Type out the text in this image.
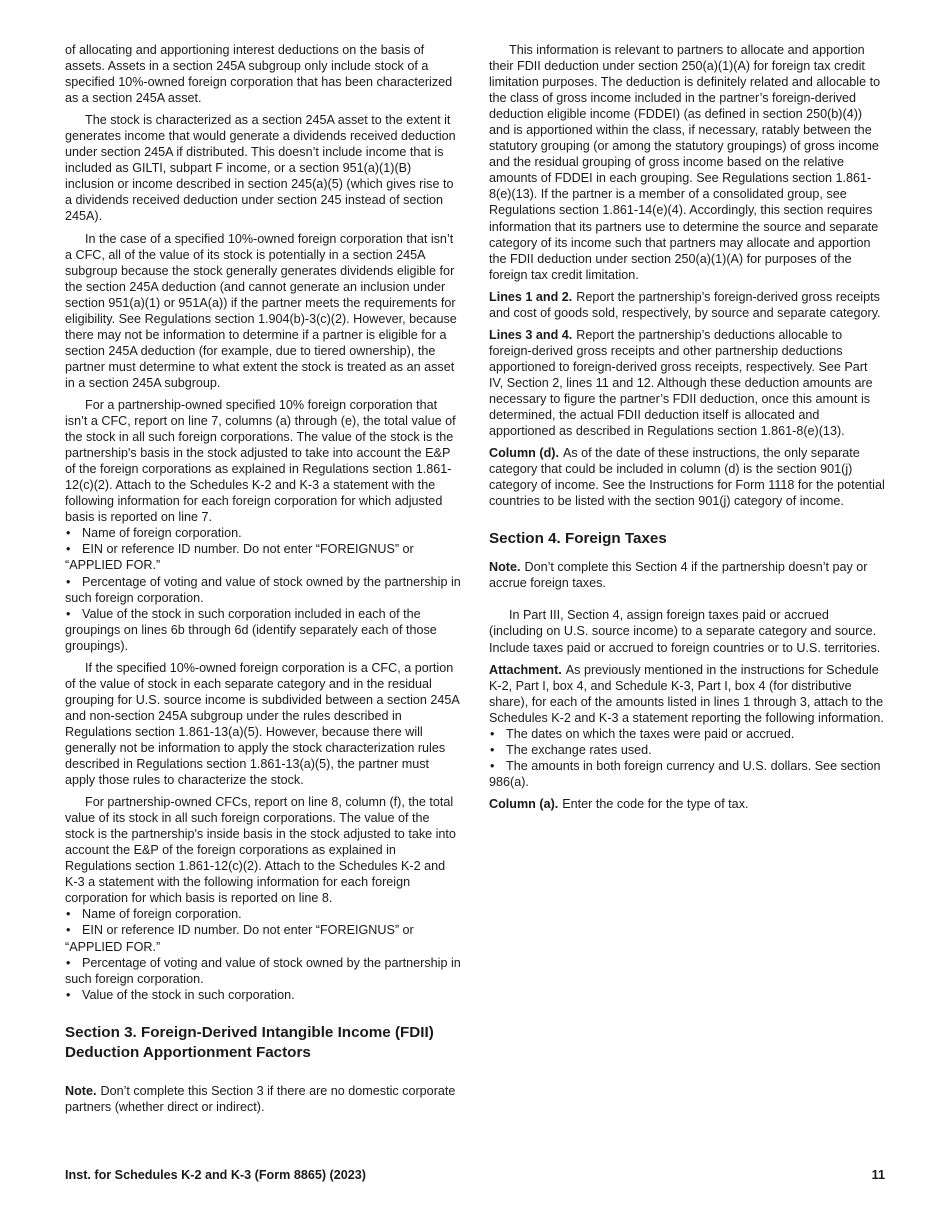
of allocating and apportioning interest deductions on the basis of assets. Assets in a section 245A subgroup only include stock of a specified 10%-owned foreign corporation that has been characterized as a section 245A asset.

The stock is characterized as a section 245A asset to the extent it generates income that would generate a dividends received deduction under section 245A if distributed. This doesn’t include income that is included as GILTI, subpart F income, or a section 951(a)(1)(B) inclusion or income described in section 245(a)(5) (which gives rise to a dividends received deduction under section 245 instead of section 245A).

In the case of a specified 10%-owned foreign corporation that isn’t a CFC, all of the value of its stock is potentially in a section 245A subgroup because the stock generally generates dividends eligible for the section 245A deduction (and cannot generate an inclusion under section 951(a)(1) or 951A(a)) if the partner meets the requirements for eligibility. See Regulations section 1.904(b)-3(c)(2). However, because there may not be information to determine if a partner is eligible for a section 245A deduction (for example, due to tiered ownership), the partner must determine to what extent the stock is treated as an asset in a section 245A subgroup.

For a partnership-owned specified 10% foreign corporation that isn’t a CFC, report on line 7, columns (a) through (e), the total value of the stock in all such foreign corporations. The value of the stock is the partnership's basis in the stock adjusted to take into account the E&P of the foreign corporations as explained in Regulations section 1.861-12(c)(2). Attach to the Schedules K-2 and K-3 a statement with the following information for each foreign corporation for which adjusted basis is reported on line 7.

• Name of foreign corporation.
• EIN or reference ID number. Do not enter “FOREIGNUS” or “APPLIED FOR.”
• Percentage of voting and value of stock owned by the partnership in such foreign corporation.
• Value of the stock in such corporation included in each of the groupings on lines 6b through 6d (identify separately each of those groupings).

If the specified 10%-owned foreign corporation is a CFC, a portion of the value of stock in each separate category and in the residual grouping for U.S. source income is subdivided between a section 245A and non-section 245A subgroup under the rules described in Regulations section 1.861-13(a)(5). However, because there will generally not be information to apply the stock characterization rules described in Regulations section 1.861-13(a)(5), the partner must apply those rules to characterize the stock.

For partnership-owned CFCs, report on line 8, column (f), the total value of its stock in all such foreign corporations. The value of the stock is the partnership's inside basis in the stock adjusted to take into account the E&P of the foreign corporations as explained in Regulations section 1.861-12(c)(2). Attach to the Schedules K-2 and K-3 a statement with the following information for each foreign corporation for which basis is reported on line 8.

• Name of foreign corporation.
• EIN or reference ID number. Do not enter “FOREIGNUS” or “APPLIED FOR.”
• Percentage of voting and value of stock owned by the partnership in such foreign corporation.
• Value of the stock in such corporation.
Section 3. Foreign-Derived Intangible Income (FDII) Deduction Apportionment Factors

Note. Don’t complete this Section 3 if there are no domestic corporate partners (whether direct or indirect).

This information is relevant to partners to allocate and apportion their FDII deduction under section 250(a)(1)(A) for foreign tax credit limitation purposes. The deduction is definitely related and allocable to the class of gross income included in the partner’s foreign-derived deduction eligible income (FDDEI) (as defined in section 250(b)(4)) and is apportioned within the class, if necessary, ratably between the statutory grouping (or among the statutory groupings) of gross income and the residual grouping of gross income based on the relative amounts of FDDEI in each grouping. See Regulations section 1.861-8(e)(13). If the partner is a member of a consolidated group, see Regulations section 1.861-14(e)(4). Accordingly, this section requires information that its partners use to determine the source and separate category of its income such that partners may allocate and apportion the FDII deduction under section 250(a)(1)(A) for purposes of the foreign tax credit limitation.

Lines 1 and 2. Report the partnership’s foreign-derived gross receipts and cost of goods sold, respectively, by source and separate category.

Lines 3 and 4. Report the partnership’s deductions allocable to foreign-derived gross receipts and other partnership deductions apportioned to foreign-derived gross receipts, respectively. See Part IV, Section 2, lines 11 and 12. Although these deduction amounts are necessary to figure the partner’s FDII deduction, once this amount is determined, the actual FDII deduction itself is allocated and apportioned as described in Regulations section 1.861-8(e)(13).

Column (d). As of the date of these instructions, the only separate category that could be included in column (d) is the section 901(j) category of income. See the Instructions for Form 1118 for the potential countries to be listed with the section 901(j) category of income.

Section 4. Foreign Taxes

Note. Don’t complete this Section 4 if the partnership doesn’t pay or accrue foreign taxes.

In Part III, Section 4, assign foreign taxes paid or accrued (including on U.S. source income) to a separate category and source. Include taxes paid or accrued to foreign countries or to U.S. territories.

Attachment. As previously mentioned in the instructions for Schedule K-2, Part I, box 4, and Schedule K-3, Part I, box 4 (for distributive share), for each of the amounts listed in lines 1 through 3, attach to the Schedules K-2 and K-3 a statement reporting the following information.

• The dates on which the taxes were paid or accrued.
• The exchange rates used.
• The amounts in both foreign currency and U.S. dollars. See section 986(a).

Column (a). Enter the code for the type of tax.

Inst. for Schedules K-2 and K-3 (Form 8865) (2023)	11
